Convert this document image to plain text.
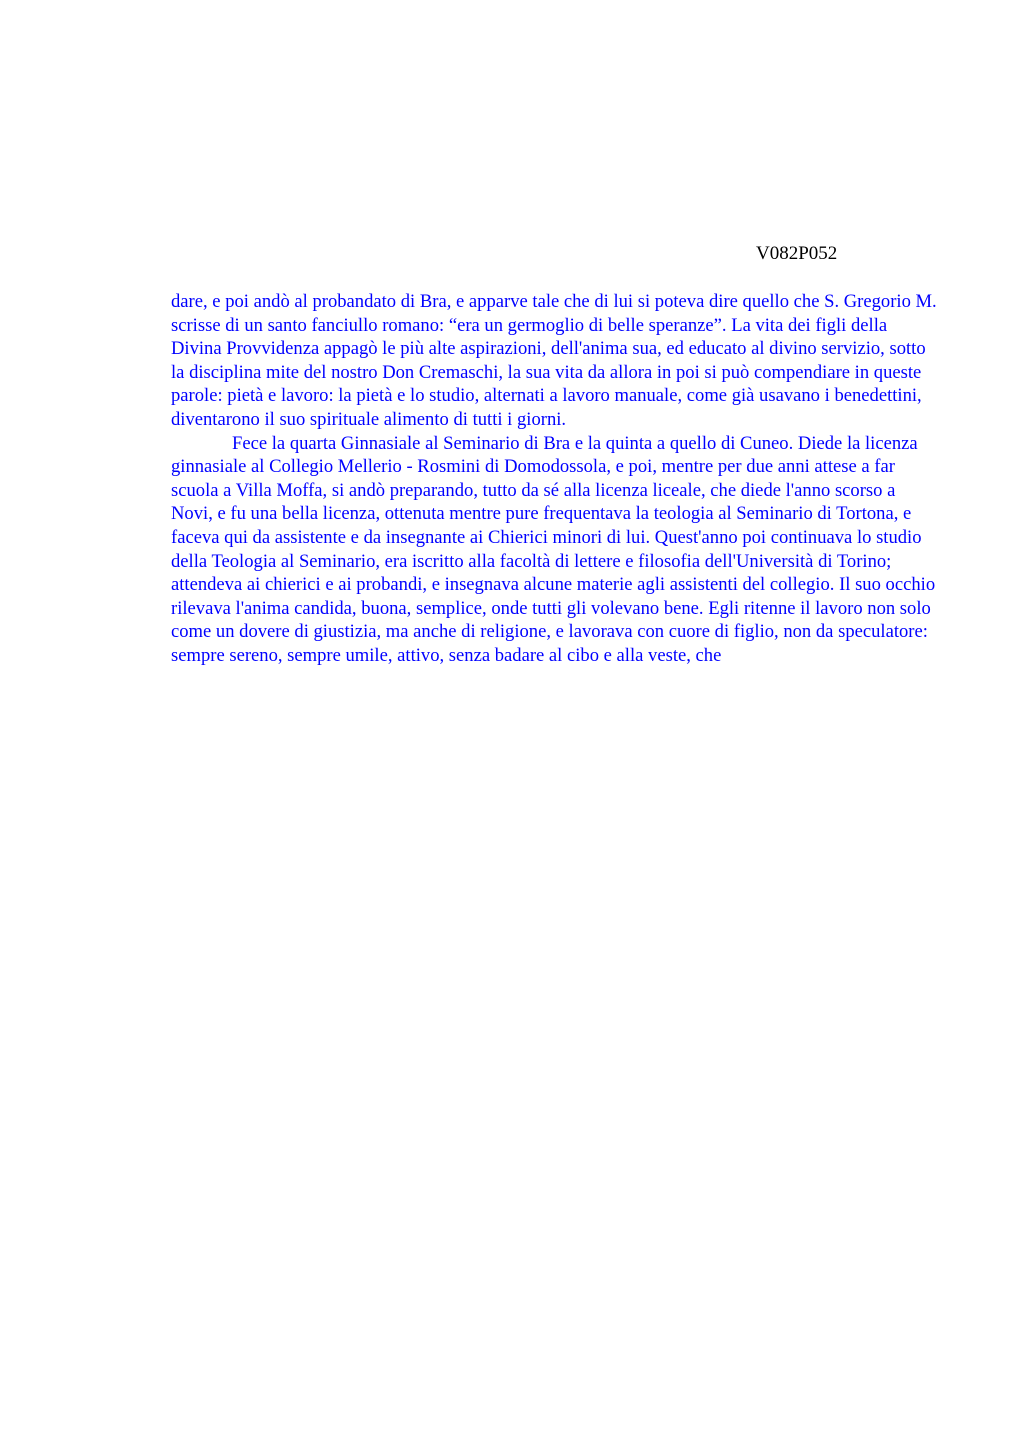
V082P052

dare, e poi andò al probandato di Bra, e apparve tale che di lui si poteva dire quello che S. Gregorio M. scrisse di un santo fanciullo romano: “era un germoglio di belle speranze”. La vita dei figli della Divina Provvidenza appagò le più alte aspirazioni, dell'anima sua, ed educato al divino servizio, sotto la disciplina mite del nostro Don Cremaschi, la sua vita da allora in poi si può compendiare in queste parole: pietà e lavoro: la pietà e lo studio, alternati a lavoro manuale, come già usavano i benedettini, diventarono il suo spirituale alimento di tutti i giorni.

Fece la quarta Ginnasiale al Seminario di Bra e la quinta a quello di Cuneo. Diede la licenza ginnasiale al Collegio Mellerio - Rosmini di Domodossola, e poi, mentre per due anni attese a far scuola a Villa Moffa, si andò preparando, tutto da sé alla licenza liceale, che diede l'anno scorso a Novi, e fu una bella licenza, ottenuta mentre pure frequentava la teologia al Seminario di Tortona, e faceva qui da assistente e da insegnante ai Chierici minori di lui. Quest'anno poi continuava lo studio della Teologia al Seminario, era iscritto alla facoltà di lettere e filosofia dell'Università di Torino; attendeva ai chierici e ai probandi, e insegnava alcune materie agli assistenti del collegio. Il suo occhio rilevava l'anima candida, buona, semplice, onde tutti gli volevano bene. Egli ritenne il lavoro non solo come un dovere di giustizia, ma anche di religione, e lavorava con cuore di figlio, non da speculatore: sempre sereno, sempre umile, attivo, senza badare al cibo e alla veste, che
